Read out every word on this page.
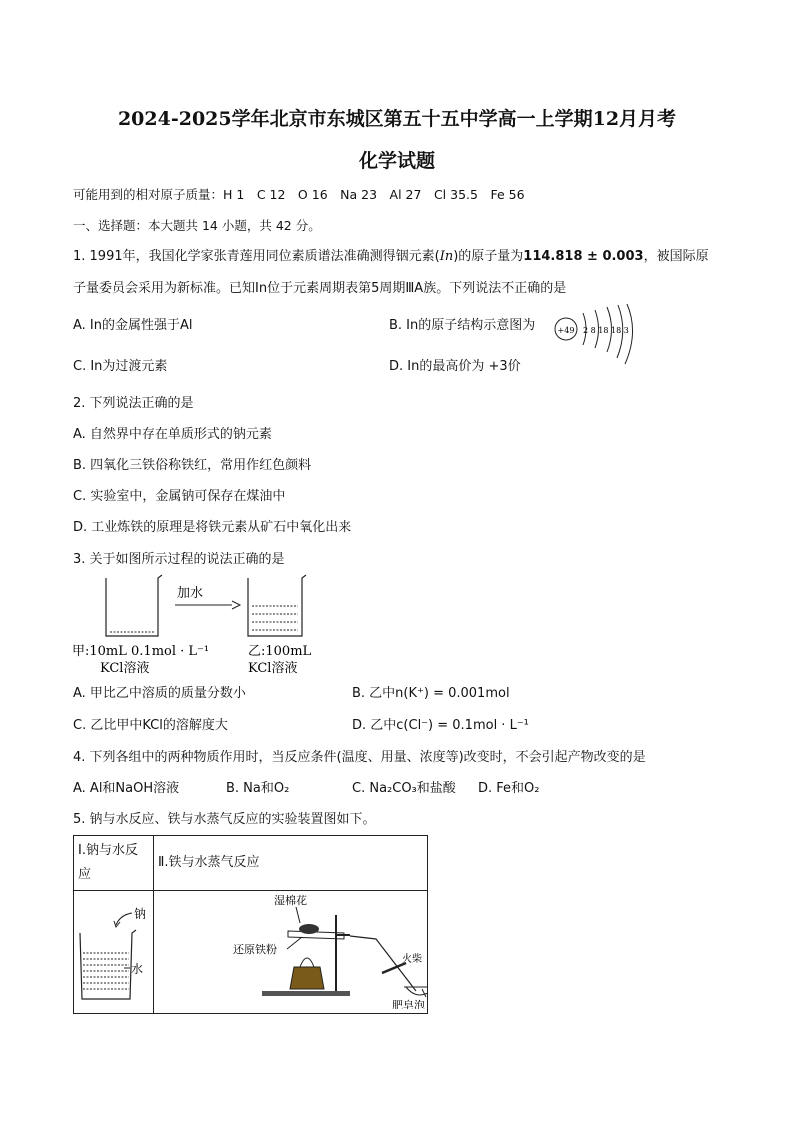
2024-2025学年北京市东城区第五十五中学高一上学期12月月考
化学试题
可能用到的相对原子质量：H 1　C 12　O 16　Na 23　Al 27　Cl 35.5　Fe 56
一、选择题：本大题共 14 小题，共 42 分。
1. 1991年，我国化学家张青莲用同位素质谱法准确测得铟元素(In)的原子量为114.818 ± 0.003，被国际原
子量委员会采用为新标准。已知In位于元素周期表第5周期ⅢA族。下列说法不正确的是
A. In的金属性强于Al	B. In的原子结构示意图为	+49 2 8 18 18 3
C. In为过渡元素	D. In的最高价为 +3价
2. 下列说法正确的是
A. 自然界中存在单质形式的钠元素
B. 四氧化三铁俗称铁红，常用作红色颜料
C. 实验室中，金属钠可保存在煤油中
D. 工业炼铁的原理是将铁元素从矿石中氧化出来
3. 关于如图所示过程的说法正确的是
加水
甲:10mL 0.1mol · L⁻¹
KCl溶液
乙:100mL
KCl溶液
A. 甲比乙中溶质的质量分数小	B. 乙中n(K⁺) = 0.001mol
C. 乙比甲中KCl的溶解度大	D. 乙中c(Cl⁻) = 0.1mol · L⁻¹
4. 下列各组中的两种物质作用时，当反应条件(温度、用量、浓度等)改变时，不会引起产物改变的是
A. Al和NaOH溶液	B. Na和O₂	C. Na₂CO₃和盐酸 D. Fe和O₂
5. 钠与水反应、铁与水蒸气反应的实验装置图如下。
Ⅰ.钠与水反
应	Ⅱ.铁与水蒸气反应

钠
水	湿棉花
还原铁粉
火柴
肥皂泡
